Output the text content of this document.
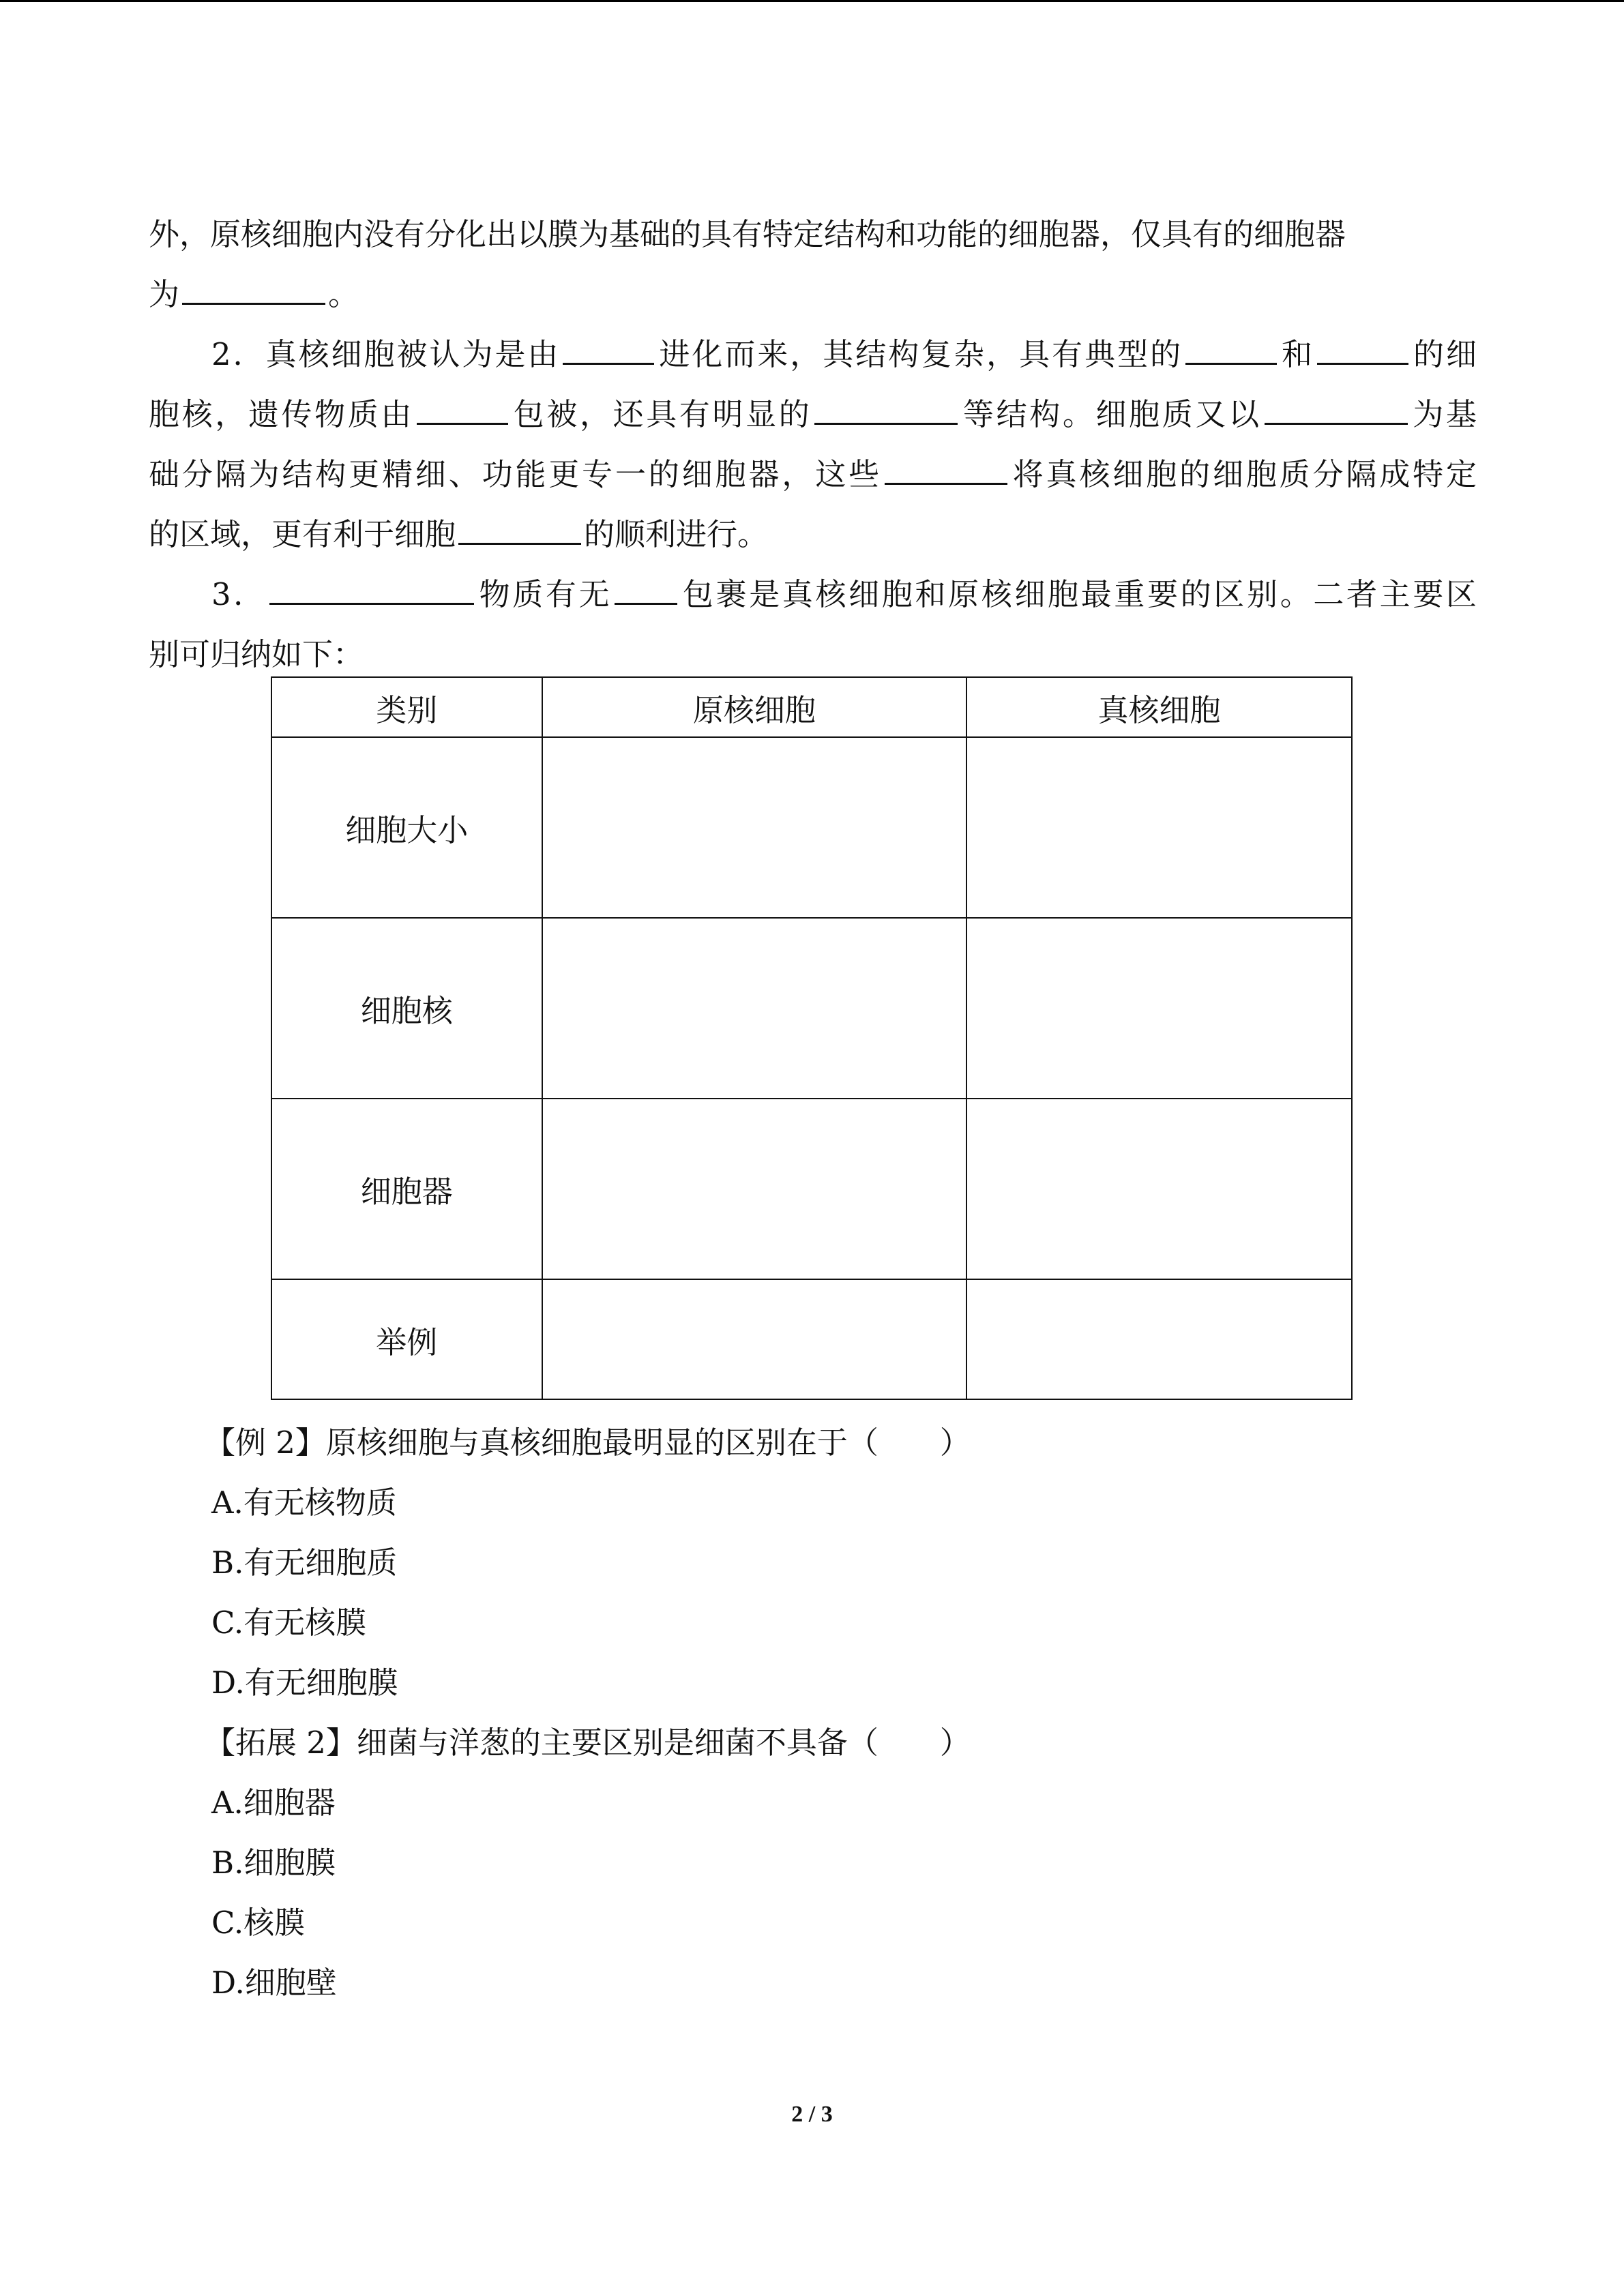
外，原核细胞内没有分化出以膜为基础的具有特定结构和功能的细胞器，仅具有的细胞器
为	。
2．真核细胞被认为是由	进化而来，其结构复杂，具有典型的	和	的细
胞核，遗传物质由	包被，还具有明显的	等结构。细胞质又以	为基
础分隔为结构更精细、功能更专一的细胞器，这些	将真核细胞的细胞质分隔成特定
的区域，更有利于细胞	的顺利进行。
3．	物质有无 包裹是真核细胞和原核细胞最重要的区别。二者主要区
别可归纳如下：
类别	原核细胞	真核细胞
细胞大小		
细胞核		
细胞器		
举例		
【例 2】原核细胞与真核细胞最明显的区别在于（　　）
A.有无核物质
B.有无细胞质
C.有无核膜
D.有无细胞膜
【拓展 2】细菌与洋葱的主要区别是细菌不具备（　　）
A.细胞器
B.细胞膜
C.核膜
D.细胞壁
2 / 3
